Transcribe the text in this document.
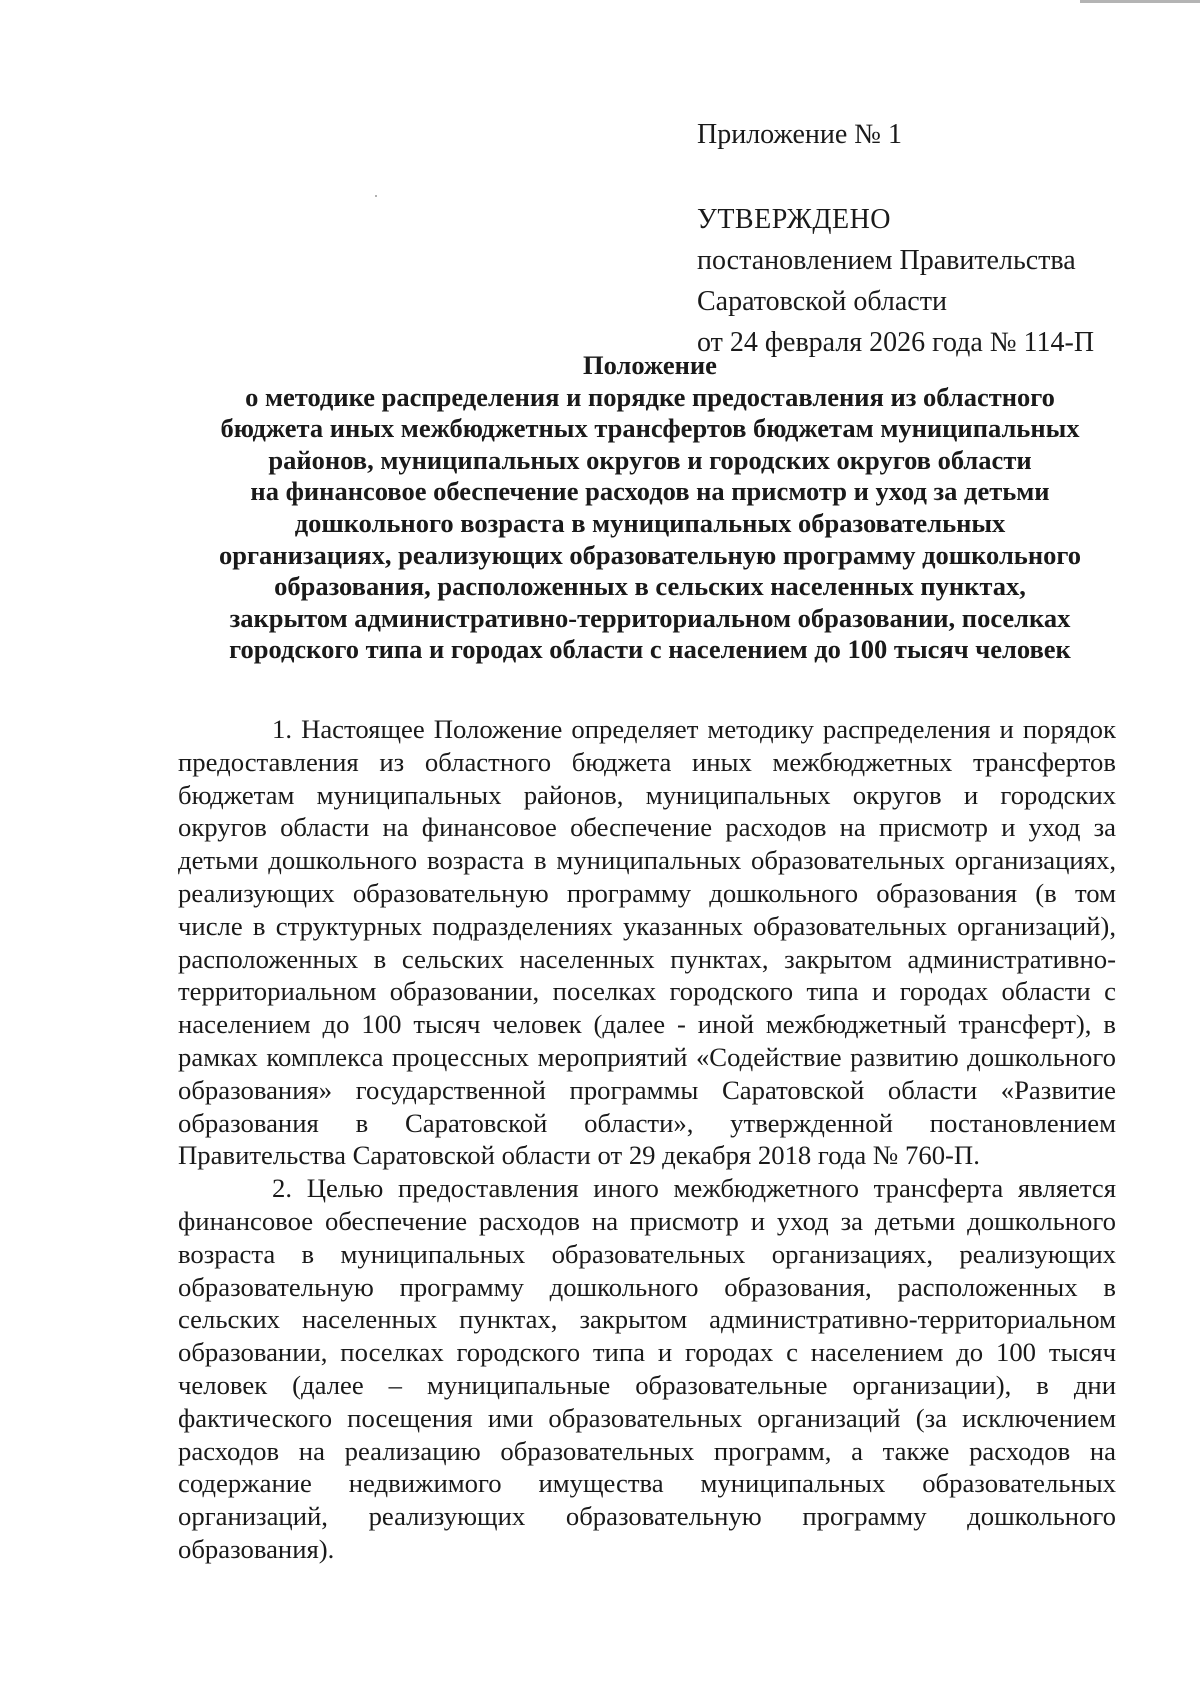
Приложение № 1
УТВЕРЖДЕНО
постановлением Правительства
Саратовской области
от 24 февраля 2026 года № 114-П
Положение
о методике распределения и порядке предоставления из областного
бюджета иных межбюджетных трансфертов бюджетам муниципальных
районов, муниципальных округов и городских округов области
на финансовое обеспечение расходов на присмотр и уход за детьми
дошкольного возраста в муниципальных образовательных
организациях, реализующих образовательную программу дошкольного
образования, расположенных в сельских населенных пунктах,
закрытом административно-территориальном образовании, поселках
городского типа и городах области с населением до 100 тысяч человек

1. Настоящее Положение определяет методику распределения и порядок предоставления из областного бюджета иных межбюджетных трансфертов бюджетам муниципальных районов, муниципальных округов и городских округов области на финансовое обеспечение расходов на присмотр и уход за детьми дошкольного возраста в муниципальных образовательных организациях, реализующих образовательную программу дошкольного образования (в том числе в структурных подразделениях указанных образовательных организаций), расположенных в сельских населенных пунктах, закрытом административно-территориальном образовании, поселках городского типа и городах области с населением до 100 тысяч человек (далее - иной межбюджетный трансферт), в рамках комплекса процессных мероприятий «Содействие развитию дошкольного образования» государственной программы Саратовской области «Развитие образования в Саратовской области», утвержденной постановлением Правительства Саратовской области от 29 декабря 2018 года № 760-П.

2. Целью предоставления иного межбюджетного трансферта является финансовое обеспечение расходов на присмотр и уход за детьми дошкольного возраста в муниципальных образовательных организациях, реализующих образовательную программу дошкольного образования, расположенных в сельских населенных пунктах, закрытом административно-территориальном образовании, поселках городского типа и городах с населением до 100 тысяч человек (далее – муниципальные образовательные организации), в дни фактического посещения ими образовательных организаций (за исключением расходов на реализацию образовательных программ, а также расходов на содержание недвижимого имущества муниципальных образовательных организаций, реализующих образовательную программу дошкольного образования).
